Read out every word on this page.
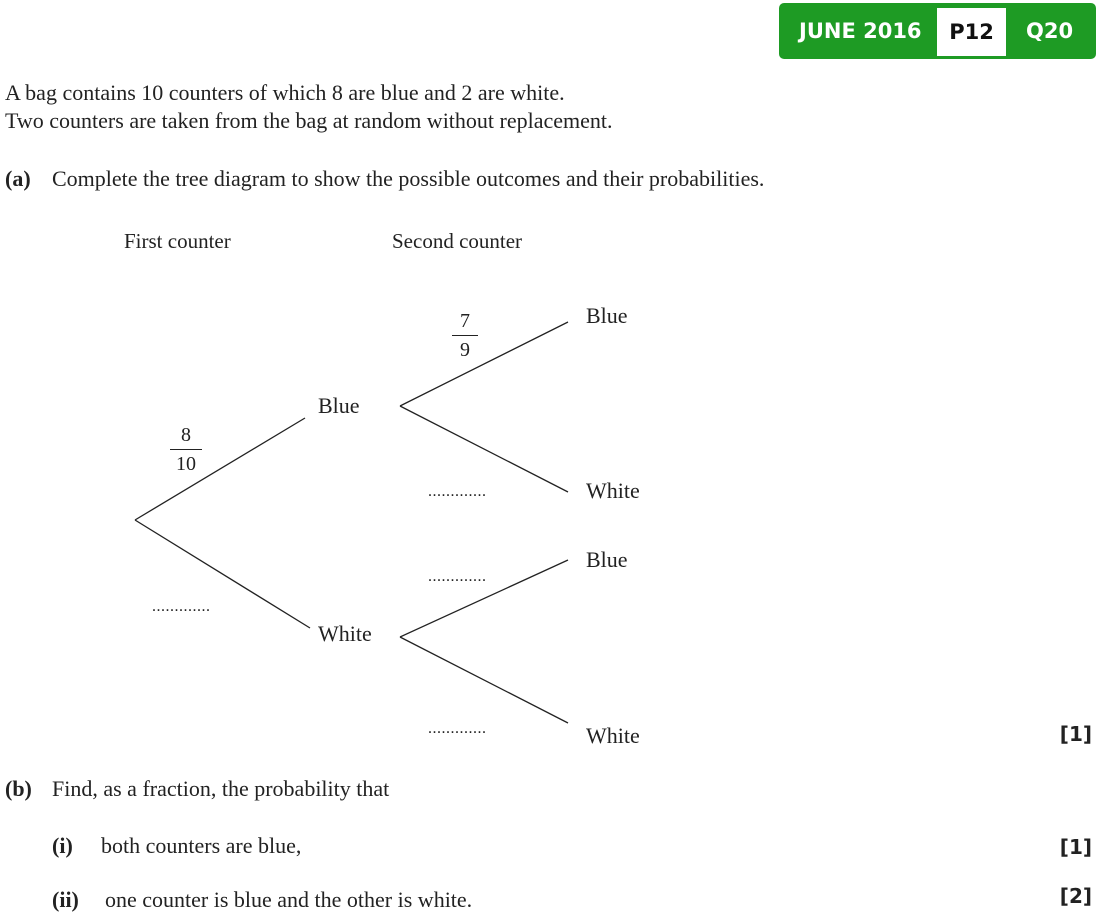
JUNE 2016	P12	Q20
A bag contains 10 counters of which 8 are blue and 2 are white.
Two counters are taken from the bag at random without replacement.
(a) Complete the tree diagram to show the possible outcomes and their probabilities.
First counter	Second counter
Blue
White
Blue
White
Blue
White
8
10
7
9
.............
.............
.............
.............	[1]
(b) Find, as a fraction, the probability that
(i) both counters are blue,	[1]
(ii) one counter is blue and the other is white.	[2]
